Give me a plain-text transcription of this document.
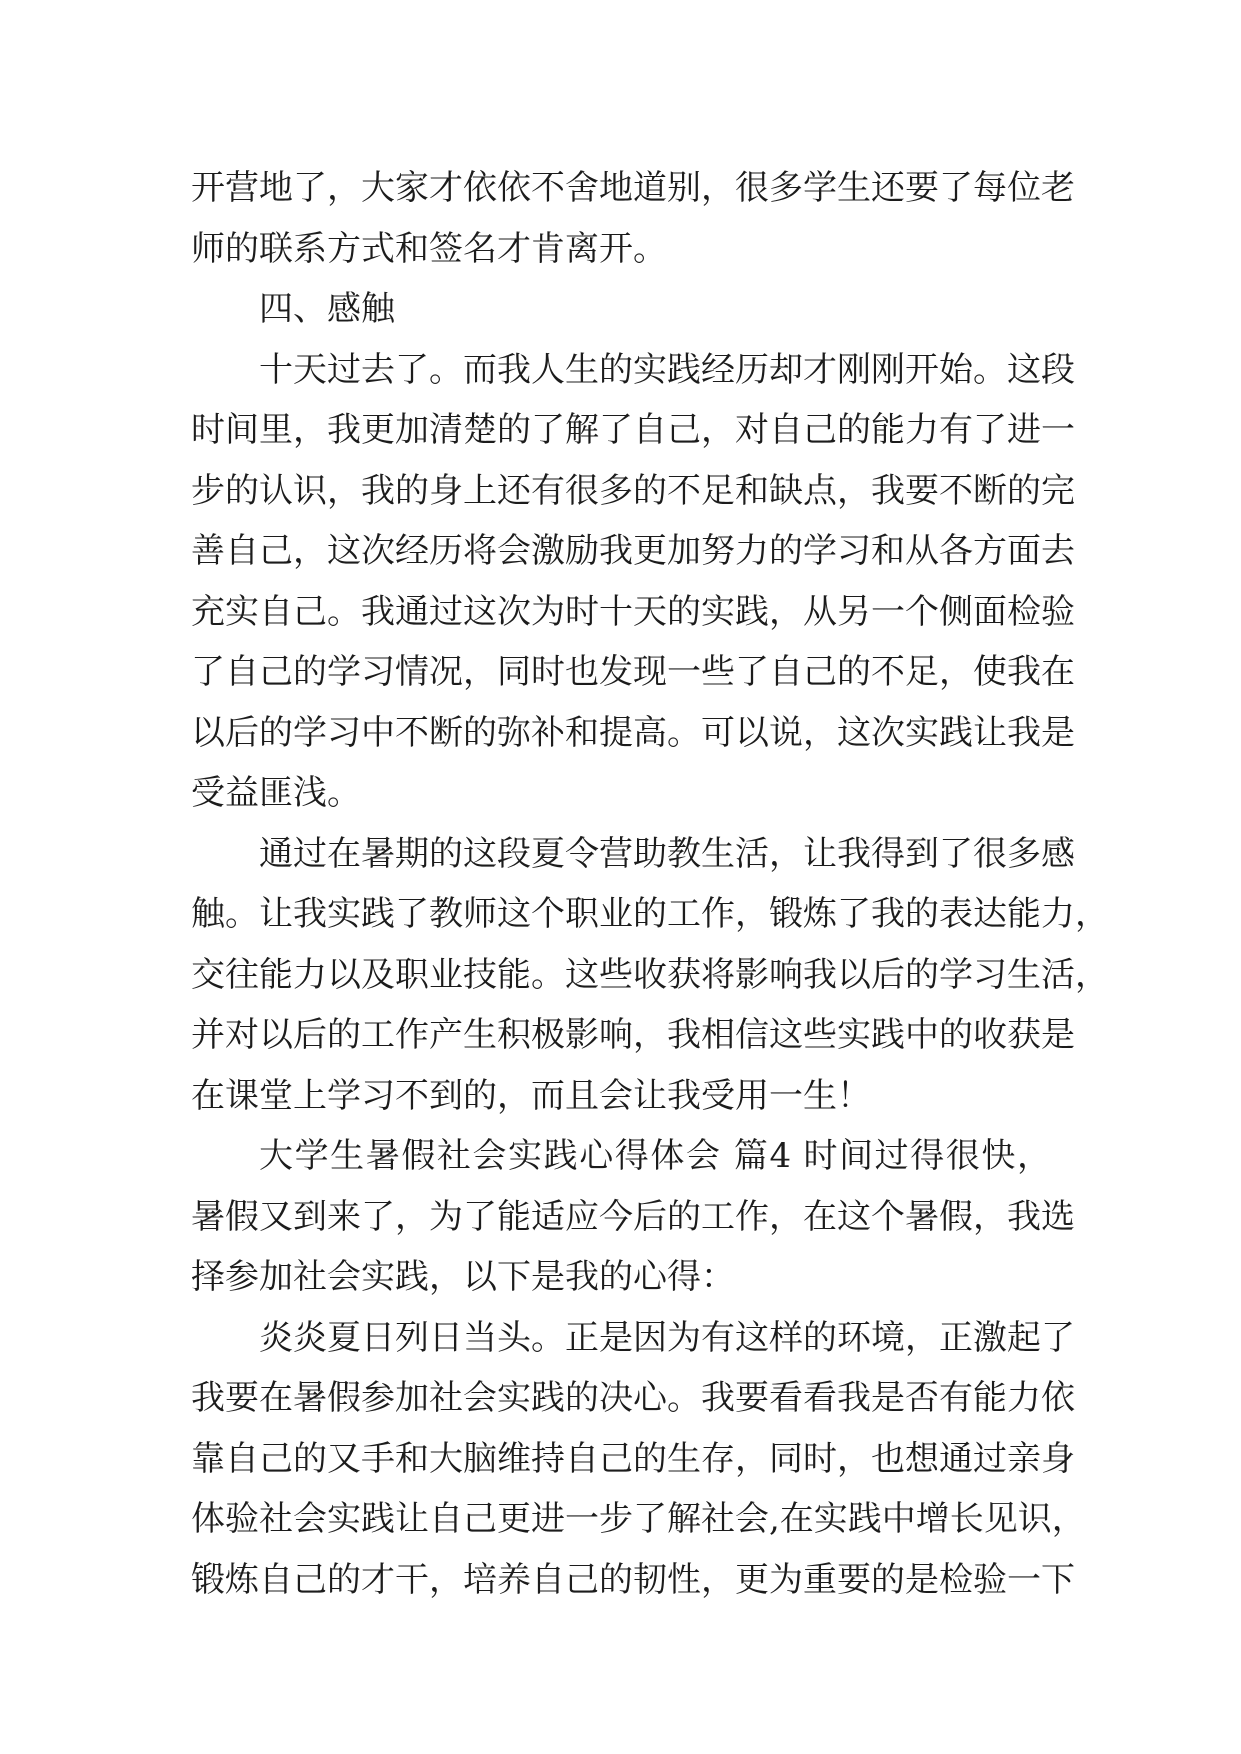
开营地了，大家才依依不舍地道别，很多学生还要了每位老
师的联系方式和签名才肯离开。
四、感触
十天过去了。而我人生的实践经历却才刚刚开始。这段
时间里，我更加清楚的了解了自己，对自己的能力有了进一
步的认识，我的身上还有很多的不足和缺点，我要不断的完
善自己，这次经历将会激励我更加努力的学习和从各方面去
充实自己。我通过这次为时十天的实践，从另一个侧面检验
了自己的学习情况，同时也发现一些了自己的不足，使我在
以后的学习中不断的弥补和提高。可以说，这次实践让我是
受益匪浅。
通过在暑期的这段夏令营助教生活，让我得到了很多感
触。让我实践了教师这个职业的工作，锻炼了我的表达能力，
交往能力以及职业技能。这些收获将影响我以后的学习生活，
并对以后的工作产生积极影响，我相信这些实践中的收获是
在课堂上学习不到的，而且会让我受用一生！
大学生暑假社会实践心得体会 篇4 时间过得很快，
暑假又到来了，为了能适应今后的工作，在这个暑假，我选
择参加社会实践，以下是我的心得：
炎炎夏日列日当头。正是因为有这样的环境，正激起了
我要在暑假参加社会实践的决心。我要看看我是否有能力依
靠自己的又手和大脑维持自己的生存，同时，也想通过亲身
体验社会实践让自己更进一步了解社会,在实践中增长见识，
锻炼自己的才干，培养自己的韧性，更为重要的是检验一下
